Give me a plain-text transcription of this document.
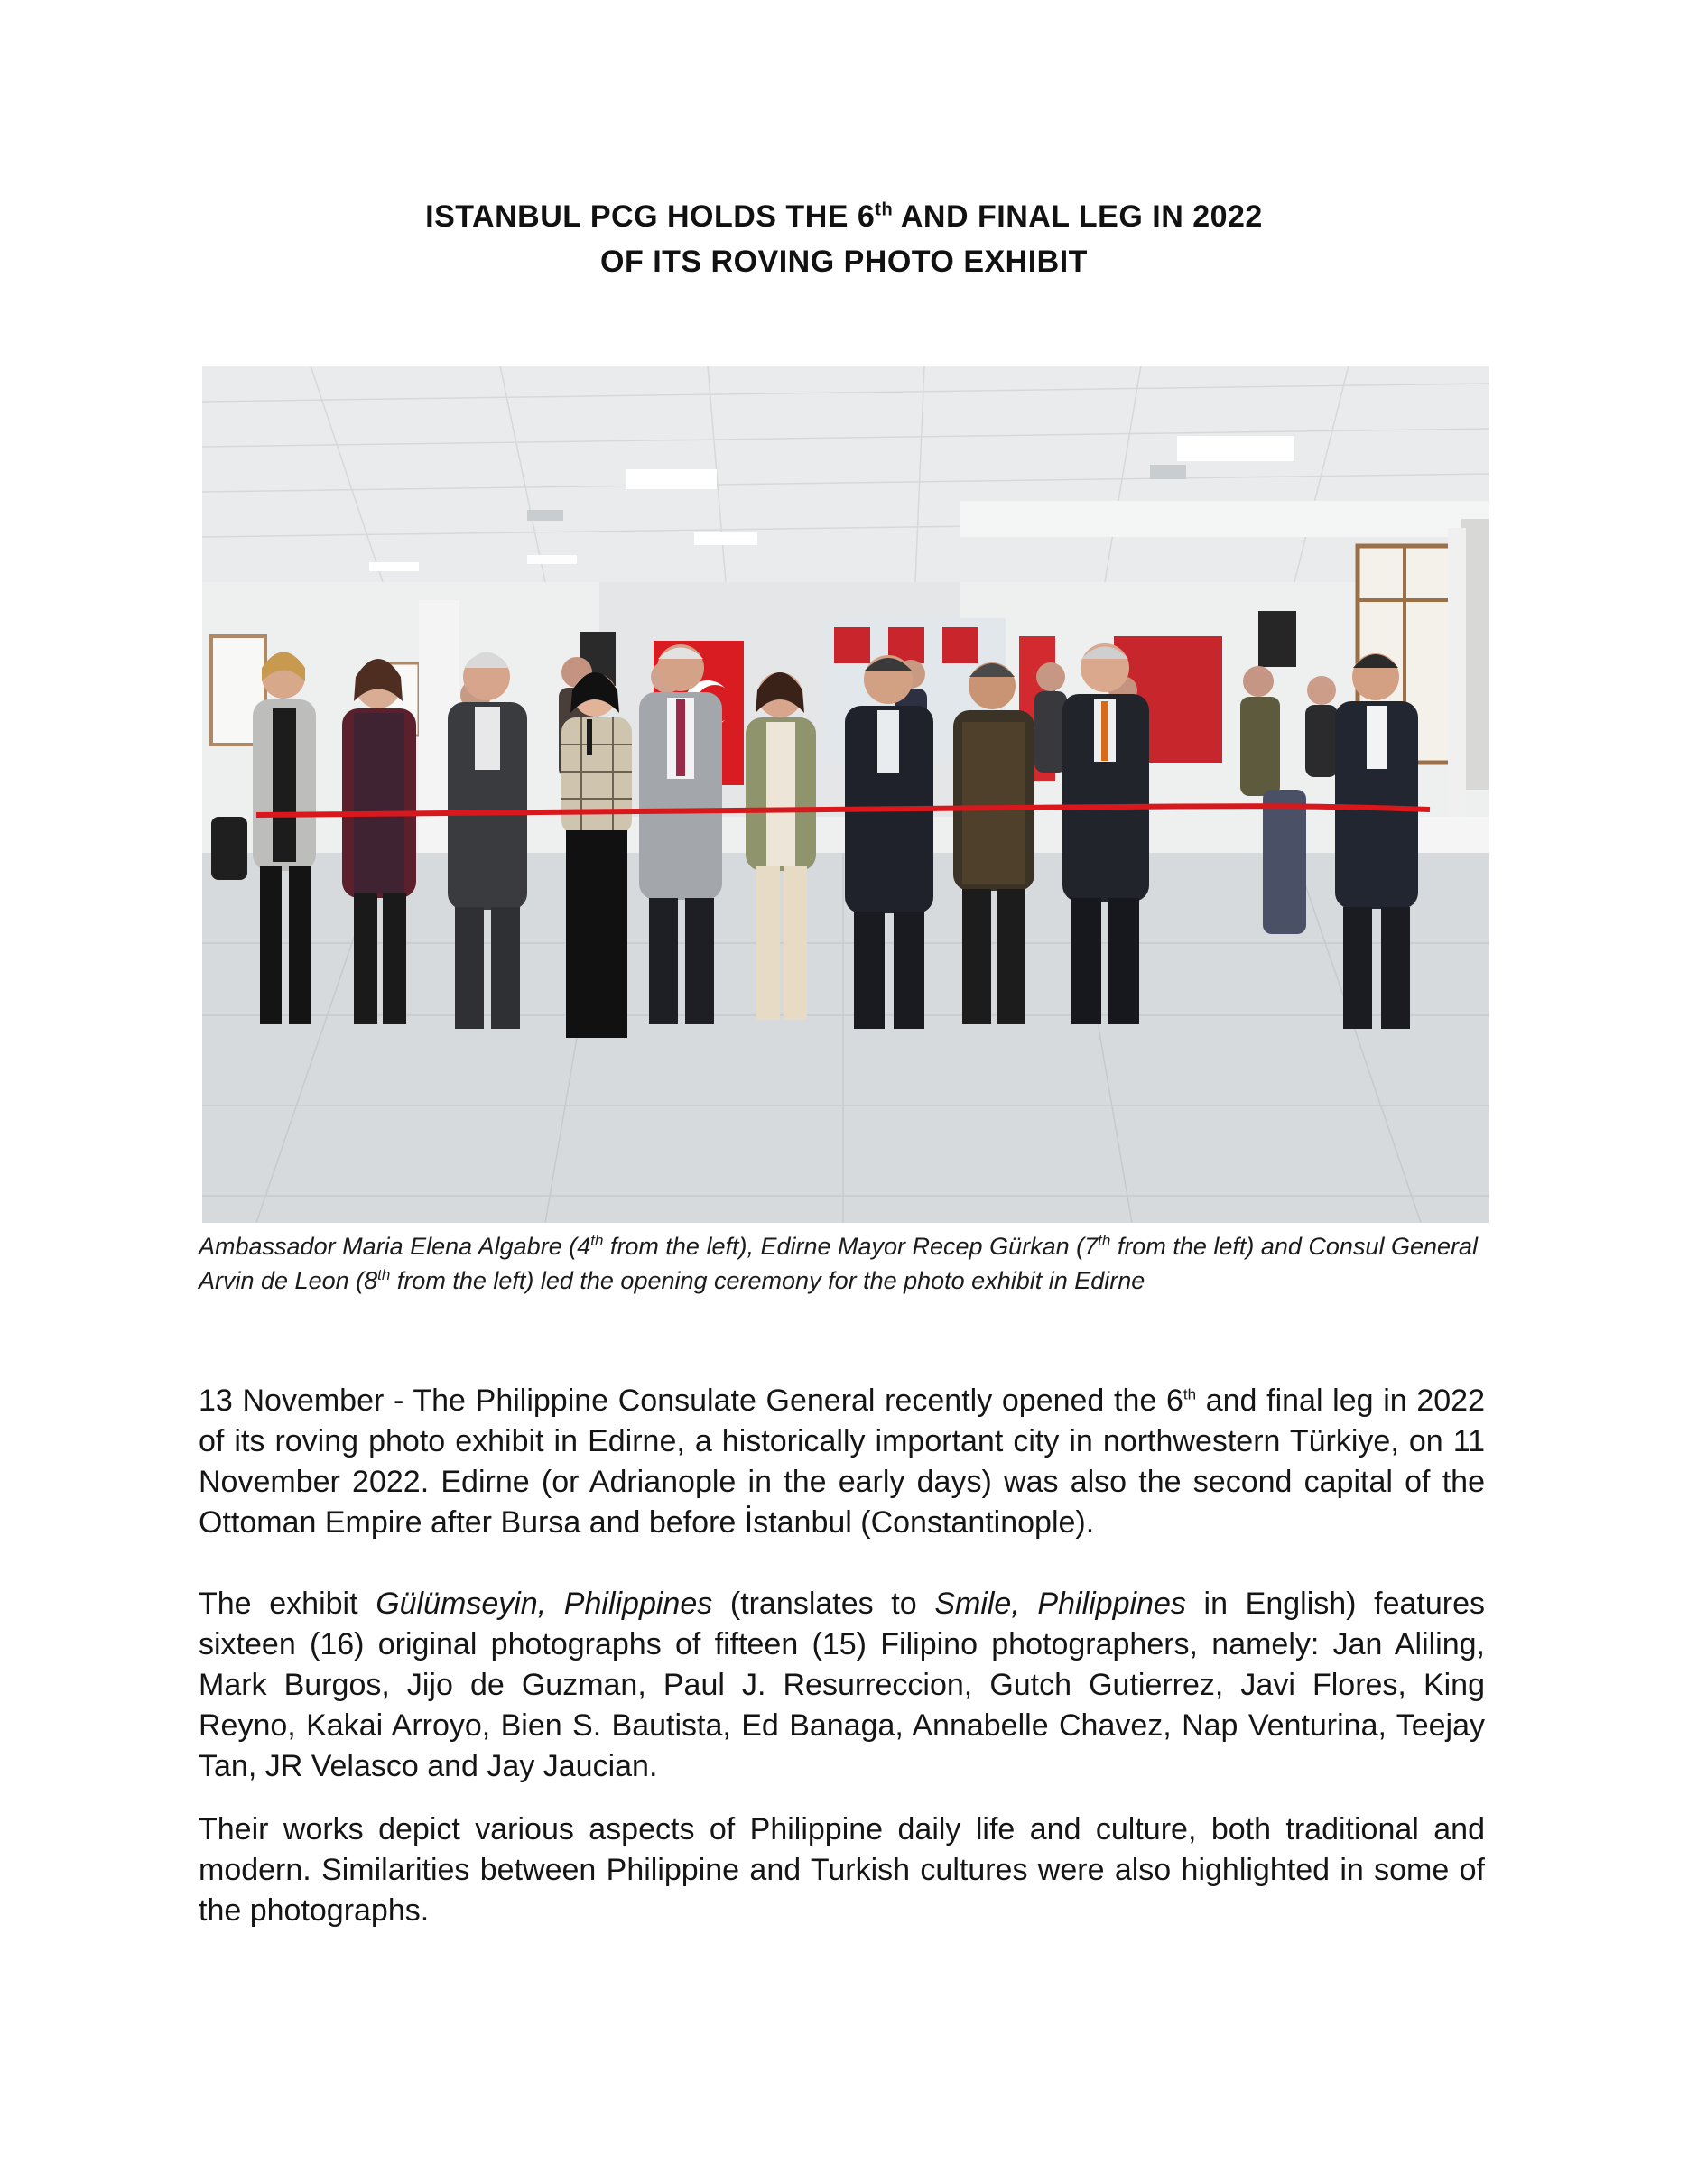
ISTANBUL PCG HOLDS THE 6th AND FINAL LEG IN 2022
OF ITS ROVING PHOTO EXHIBIT
Ambassador Maria Elena Algabre (4th from the left), Edirne Mayor Recep Gürkan (7th from the left) and Consul General Arvin de Leon (8th from the left) led the opening ceremony for the photo exhibit in Edirne

13 November - The Philippine Consulate General recently opened the 6th and final leg in 2022 of its roving photo exhibit in Edirne, a historically important city in northwestern Türkiye, on 11 November 2022. Edirne (or Adrianople in the early days) was also the second capital of the Ottoman Empire after Bursa and before İstanbul (Constantinople).

The exhibit Gülümseyin, Philippines (translates to Smile, Philippines in English) features sixteen (16) original photographs of fifteen (15) Filipino photographers, namely: Jan Aliling, Mark Burgos, Jijo de Guzman, Paul J. Resurreccion, Gutch Gutierrez, Javi Flores, King Reyno, Kakai Arroyo, Bien S. Bautista, Ed Banaga, Annabelle Chavez, Nap Venturina, Teejay Tan, JR Velasco and Jay Jaucian.

Their works depict various aspects of Philippine daily life and culture, both traditional and modern. Similarities between Philippine and Turkish cultures were also highlighted in some of the photographs.
